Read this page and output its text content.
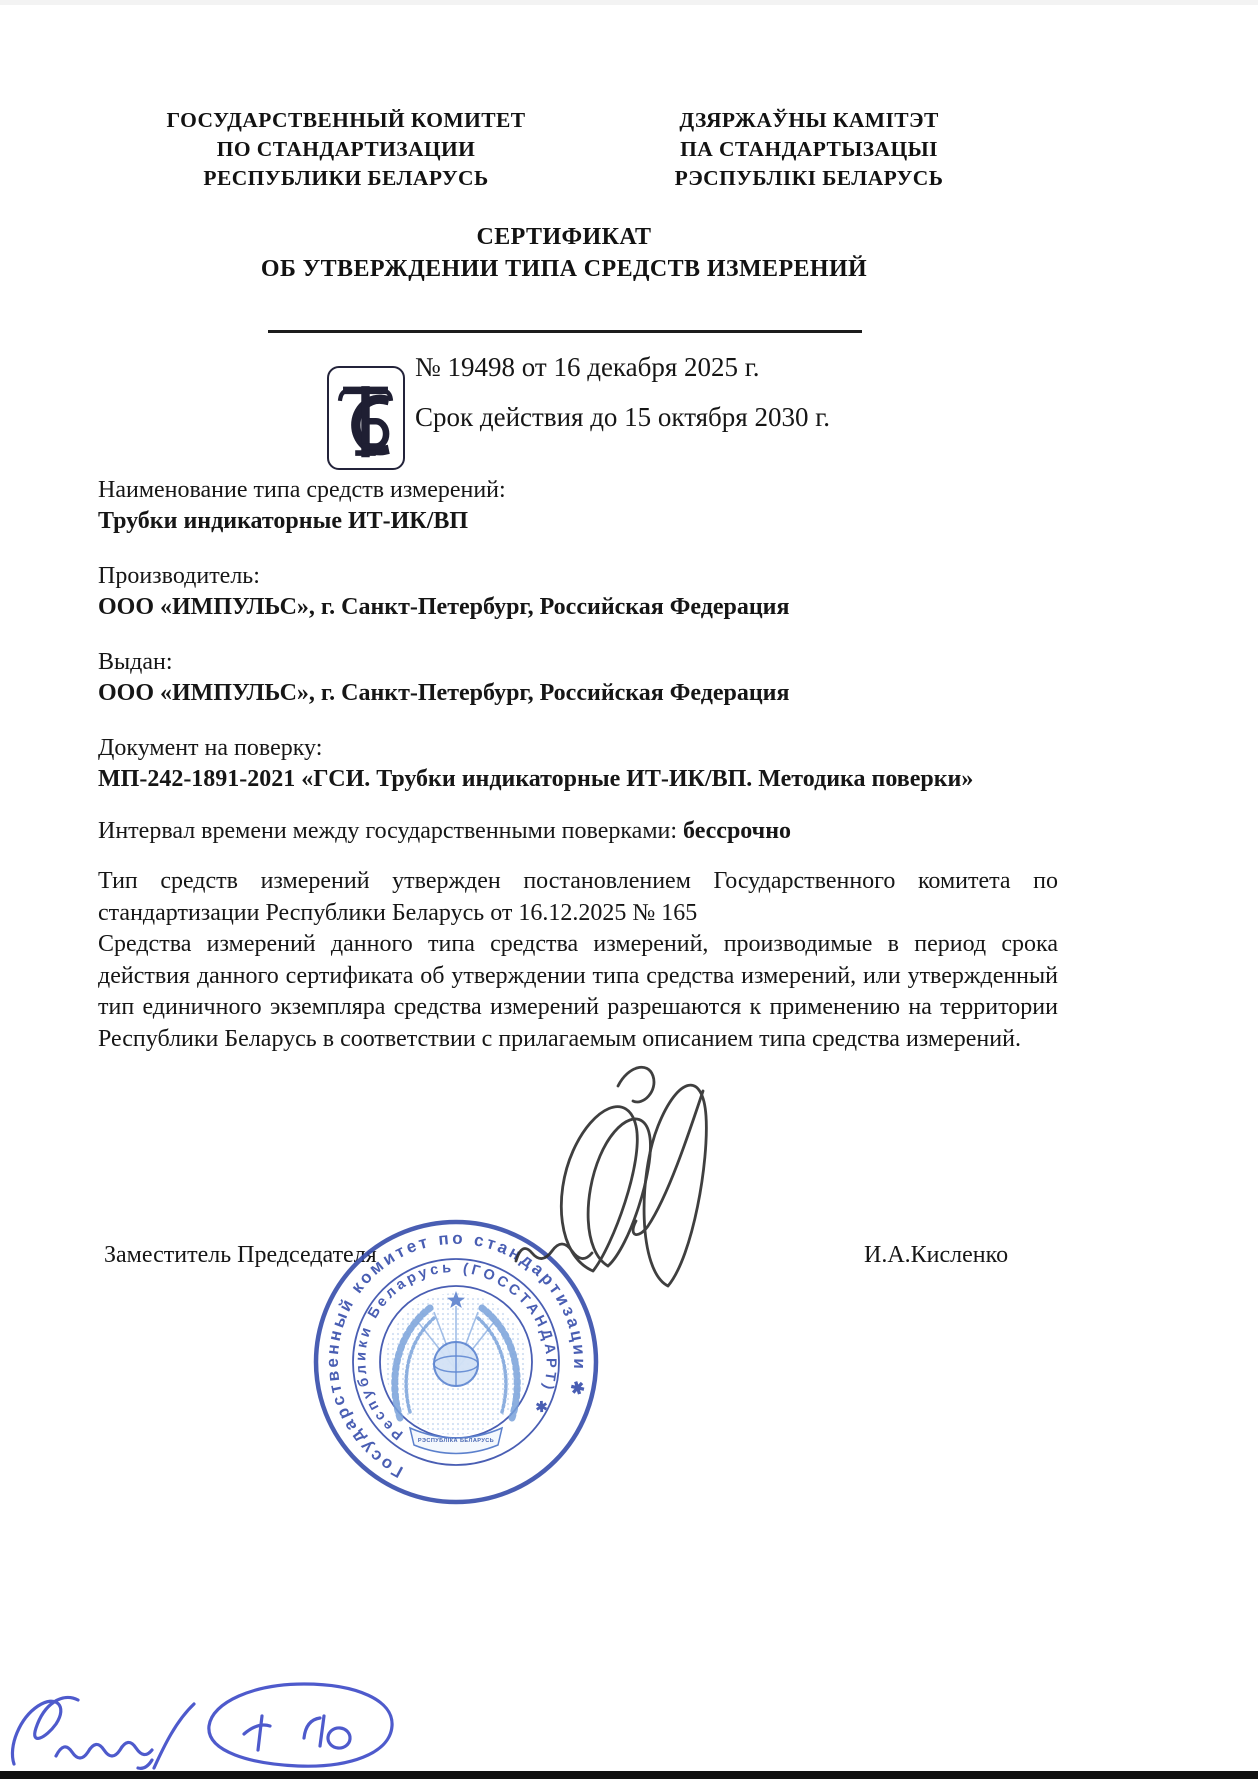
ГОСУДАРСТВЕННЫЙ КОМИТЕТ
ПО СТАНДАРТИЗАЦИИ
РЕСПУБЛИКИ БЕЛАРУСЬ
ДЗЯРЖАЎНЫ КАМІТЭТ
ПА СТАНДАРТЫЗАЦЫІ
РЭСПУБЛІКІ БЕЛАРУСЬ
СЕРТИФИКАТ
ОБ УТВЕРЖДЕНИИ ТИПА СРЕДСТВ ИЗМЕРЕНИЙ
№ 19498 от 16 декабря 2025 г.
Срок действия до 15 октября 2030 г.
Наименование типа средств измерений:
Трубки индикаторные ИТ-ИК/ВП
Производитель:
ООО «ИМПУЛЬС», г. Санкт-Петербург, Российская Федерация
Выдан:
ООО «ИМПУЛЬС», г. Санкт-Петербург, Российская Федерация
Документ на поверку:
МП-242-1891-2021 «ГСИ. Трубки индикаторные ИТ-ИК/ВП. Методика поверки»
Интервал времени между государственными поверками: бессрочно

Тип средств измерений утвержден постановлением Государственного комитета по стандартизации Республики Беларусь от 16.12.2025 № 165

Средства измерений данного типа средства измерений, производимые в период срока действия данного сертификата об утверждении типа средства измерений, или утвержденный тип единичного экземпляра средства измерений разрешаются к применению на территории Республики Беларусь в соответствии с прилагаемым описанием типа средства измерений.

Заместитель Председателя	И.А.Кисленко
Государственный комитет по стандартизации ✱
Республики Беларусь (ГОССТАНДАРТ) ✱
РЭСПУБЛІКА БЕЛАРУСЬ
